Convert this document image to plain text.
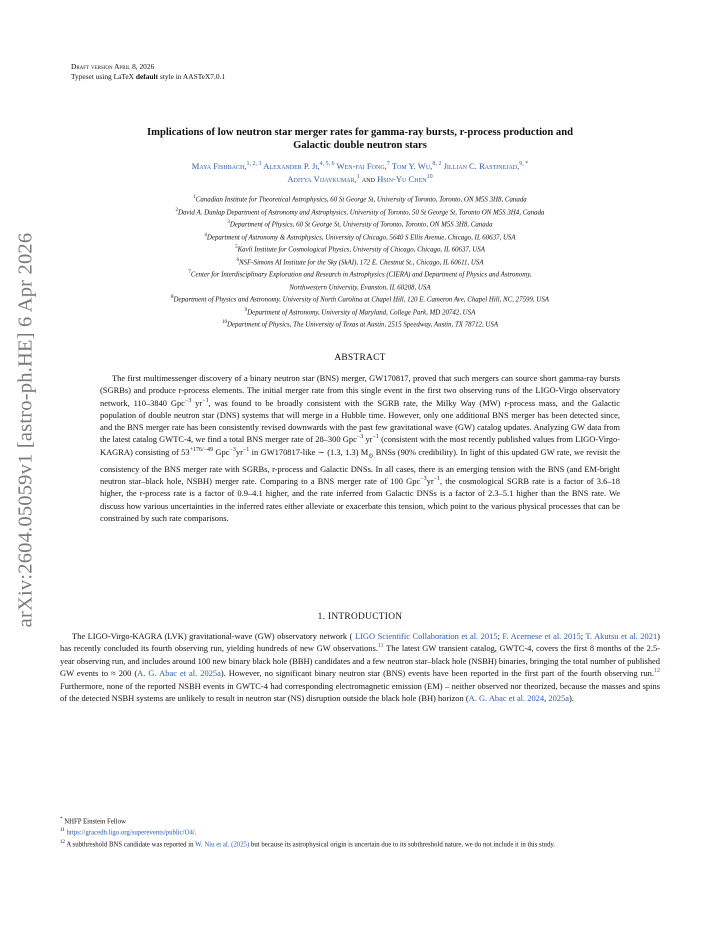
arXiv:2604.05059v1 [astro-ph.HE] 6 Apr 2026
Draft version April 8, 2026
Typeset using LaTeX default style in AASTeX7.0.1
Implications of low neutron star merger rates for gamma-ray bursts, r-process production and
Galactic double neutron stars
Maya Fishbach,$^{1, 2, 3}$ Alexander P. Ji,$^{4, 5, 6}$ Wen-fai Fong,$^7$ Tom Y. Wu,$^{8, 2}$ Jillian C. Rastinejad,$^{9, *}$
Aditya Vijaykumar,$^1$ and Hsin-Yu Chen$^{10}$
$^1$Canadian Institute for Theoretical Astrophysics, 60 St George St, University of Toronto, Toronto, ON M5S 3H8, Canada
$^2$David A. Dunlap Department of Astronomy and Astrophysics, University of Toronto, 50 St George St, Toronto ON M5S 3H4, Canada
$^3$Department of Physics, 60 St George St, University of Toronto, Toronto, ON M5S 3H8, Canada
$^4$Department of Astronomy & Astrophysics, University of Chicago, 5640 S Ellis Avenue, Chicago, IL 60637, USA
$^5$Kavli Institute for Cosmological Physics, University of Chicago, Chicago, IL 60637, USA
$^6$NSF-Simons AI Institute for the Sky (SkAI), 172 E. Chestnut St., Chicago, IL 60611, USA
$^7$Center for Interdisciplinary Exploration and Research in Astrophysics (CIERA) and Department of Physics and Astronomy,
Northwestern University, Evanston, IL 60208, USA
$^8$Department of Physics and Astronomy, University of North Carolina at Chapel Hill, 120 E. Cameron Ave, Chapel Hill, NC, 27599, USA
$^9$Department of Astronomy, University of Maryland, College Park, MD 20742, USA
$^{10}$Department of Physics, The University of Texas at Austin, 2515 Speedway, Austin, TX 78712, USA
ABSTRACT
The first multimessenger discovery of a binary neutron star (BNS) merger, GW170817, proved that such mergers can source short gamma-ray bursts (SGRBs) and produce r-process elements. The initial merger rate from this single event in the first two observing runs of the LIGO-Virgo observatory network, 110–3840 Gpc$^{-3}$ $yr^{-1}$, was found to be broadly consistent with the SGRB rate, the Milky Way (MW) r-process mass, and the Galactic population of double neutron star (DNS) systems that will merge in a Hubble time. However, only one additional BNS merger has been detected since, and the BNS merger rate has been consistently revised downwards with the past few gravitational wave (GW) catalog updates. Analyzing GW data from the latest catalog GWTC-4, we find a total BNS merger rate of 28–300 Gpc$^{-3}$ $yr^{-1}$ (consistent with the most recently published values from LIGO-Virgo-KAGRA) consisting of $53^{+176/-49}$ $Gpc^{-3}yr^{-1}$ in GW170817-like ∼ (1.3, 1.3) $M_⊙$ BNSs (90% credibility). In light of this updated GW rate, we revisit the consistency of the BNS merger rate with SGRBs, r-process and Galactic DNSs. In all cases, there is an emerging tension with the BNS (and EM-bright neutron star–black hole, NSBH) merger rate. Comparing to a BNS merger rate of 100 $Gpc^{-3}yr^{-1}$, the cosmological SGRB rate is a factor of 3.6–18 higher, the r-process rate is a factor of 0.9–4.1 higher, and the rate inferred from Galactic DNSs is a factor of 2.3–5.1 higher than the BNS rate. We discuss how various uncertainties in the inferred rates either alleviate or exacerbate this tension, which point to the various physical processes that can be constrained by such rate comparisons.
1. INTRODUCTION
The LIGO-Virgo-KAGRA (LVK) gravitational-wave (GW) observatory network ( LIGO Scientific Collaboration et al. 2015; F. Acernese et al. 2015; T. Akutsu et al. 2021) has recently concluded its fourth observing run, yielding hundreds of new GW observations.$^{11}$ The latest GW transient catalog, GWTC-4, covers the first 8 months of the 2.5-year observing run, and includes around 100 new binary black hole (BBH) candidates and a few neutron star–black hole (NSBH) binaries, bringing the total number of published GW events to ≈ 200 (A. G. Abac et al. 2025a). However, no significant binary neutron star (BNS) events have been reported in the first part of the fourth observing run.$^{12}$ Furthermore, none of the reported NSBH events in GWTC-4 had corresponding electromagnetic emission (EM) – neither observed nor theorized, because the masses and spins of the detected NSBH systems are unlikely to result in neutron star (NS) disruption outside the black hole (BH) horizon (A. G. Abac et al. 2024, 2025a).
* NHFP Einstein Fellow
$^{11}$ https://gracedb.ligo.org/superevents/public/O4/.
$^{12}$ A subthreshold BNS candidate was reported in W. Niu et al. (2025) but because its astrophysical origin is uncertain due to its subthreshold nature, we do not include it in this study.
